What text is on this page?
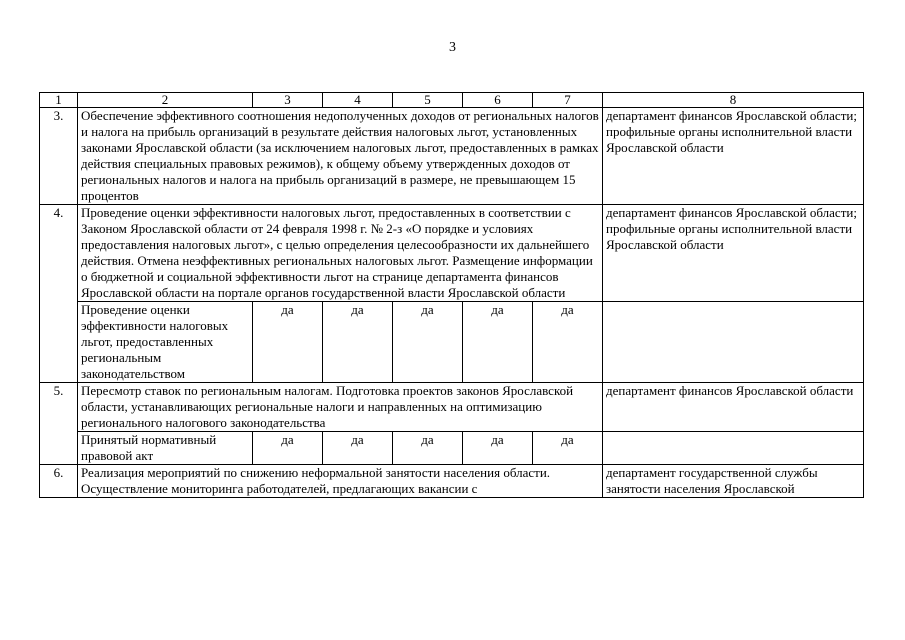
3
1	2	3	4	5	6	7	8
3.	Обеспечение эффективного соотношения недополученных доходов от региональных налогов и налога на прибыль организаций в результате действия налоговых льгот, установленных законами Ярославской области (за исключением налоговых льгот, предоставленных в рамках действия специальных правовых режимов), к общему объему утвержденных доходов от региональных налогов и налога на прибыль организаций в размере, не превышающем 15 процентов						департамент финансов Ярославской области;
профильные органы исполнительной власти Ярославской области
4.	Проведение оценки эффективности налоговых льгот, предоставленных в соответствии с Законом Ярославской области от 24 февраля 1998 г. № 2-з «О порядке и условиях предоставления налоговых льгот», с целью определения целесообразности их дальнейшего действия. Отмена неэффективных региональных налоговых льгот. Размещение информации о бюджетной и социальной эффективности льгот на странице департамента финансов Ярославской области на портале органов государственной власти Ярославской области						департамент финансов Ярославской области;
профильные органы исполнительной власти Ярославской области
	Проведение оценки эффективности налоговых льгот, предоставленных региональным законодательством	да	да	да	да	да	
5.	Пересмотр ставок по региональным налогам. Подготовка проектов законов Ярославской области, устанавливающих региональные налоги и направленных на оптимизацию регионального налогового законодательства						департамент финансов Ярославской области
	Принятый нормативный правовой акт	да	да	да	да	да	
6.	Реализация мероприятий по снижению неформальной занятости населения области. Осуществление мониторинга работодателей, предлагающих вакансии с						департамент государственной службы занятости населения Ярославской
